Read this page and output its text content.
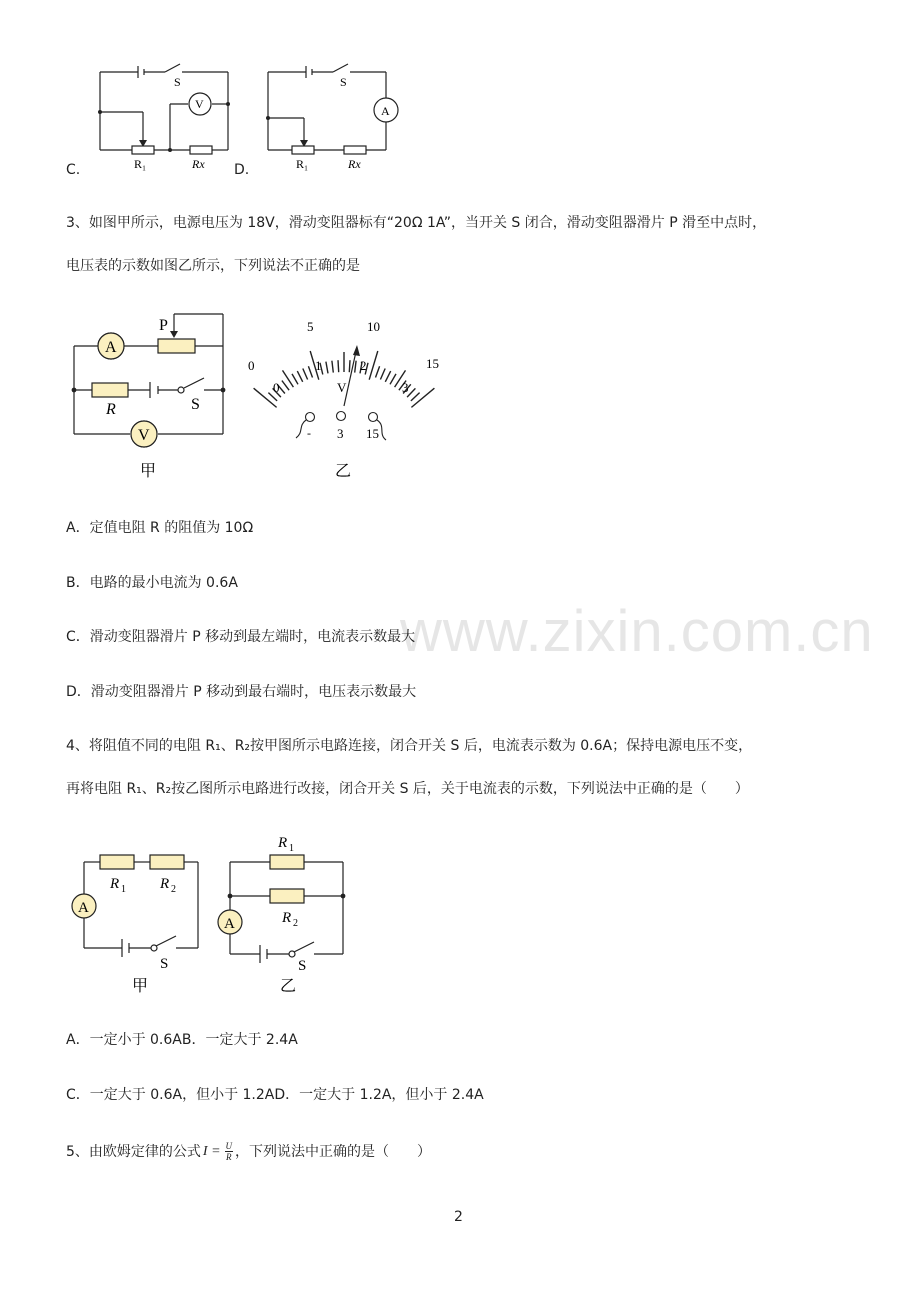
www.zixin.com.cn
C.
S
V
R₁	Rx D.
S
A
R₁	Rx
3、如图甲所示，电源电压为 18V，滑动变阻器标有“20Ω 1A”，当开关 S 闭合，滑动变阻器滑片 P 滑至中点时，
电压表的示数如图乙所示，下列说法不正确的是
A
P
R	S
V
甲
0
5	10
15
0
1	2
3
V
- 3 15
乙
A．定值电阻 R 的阻值为 10Ω
B．电路的最小电流为 0.6A
C．滑动变阻器滑片 P 移动到最左端时，电流表示数最大
D．滑动变阻器滑片 P 移动到最右端时，电压表示数最大
4、将阻值不同的电阻 R₁、R₂按甲图所示电路连接，闭合开关 S 后，电流表示数为 0.6A；保持电源电压不变，
再将电阻 R₁、R₂按乙图所示电路进行改接，闭合开关 S 后，关于电流表的示数，下列说法中正确的是（　　）
R 1 R 2
A
S
甲
R 1
R 2
A
S
乙
A．一定小于 0.6AB．一定大于 2.4A
C．一定大于 0.6A，但小于 1.2AD．一定大于 1.2A，但小于 2.4A
5、由欧姆定律的公式 $I = \frac{U}{R}$ ，下列说法中正确的是（　　）
2
